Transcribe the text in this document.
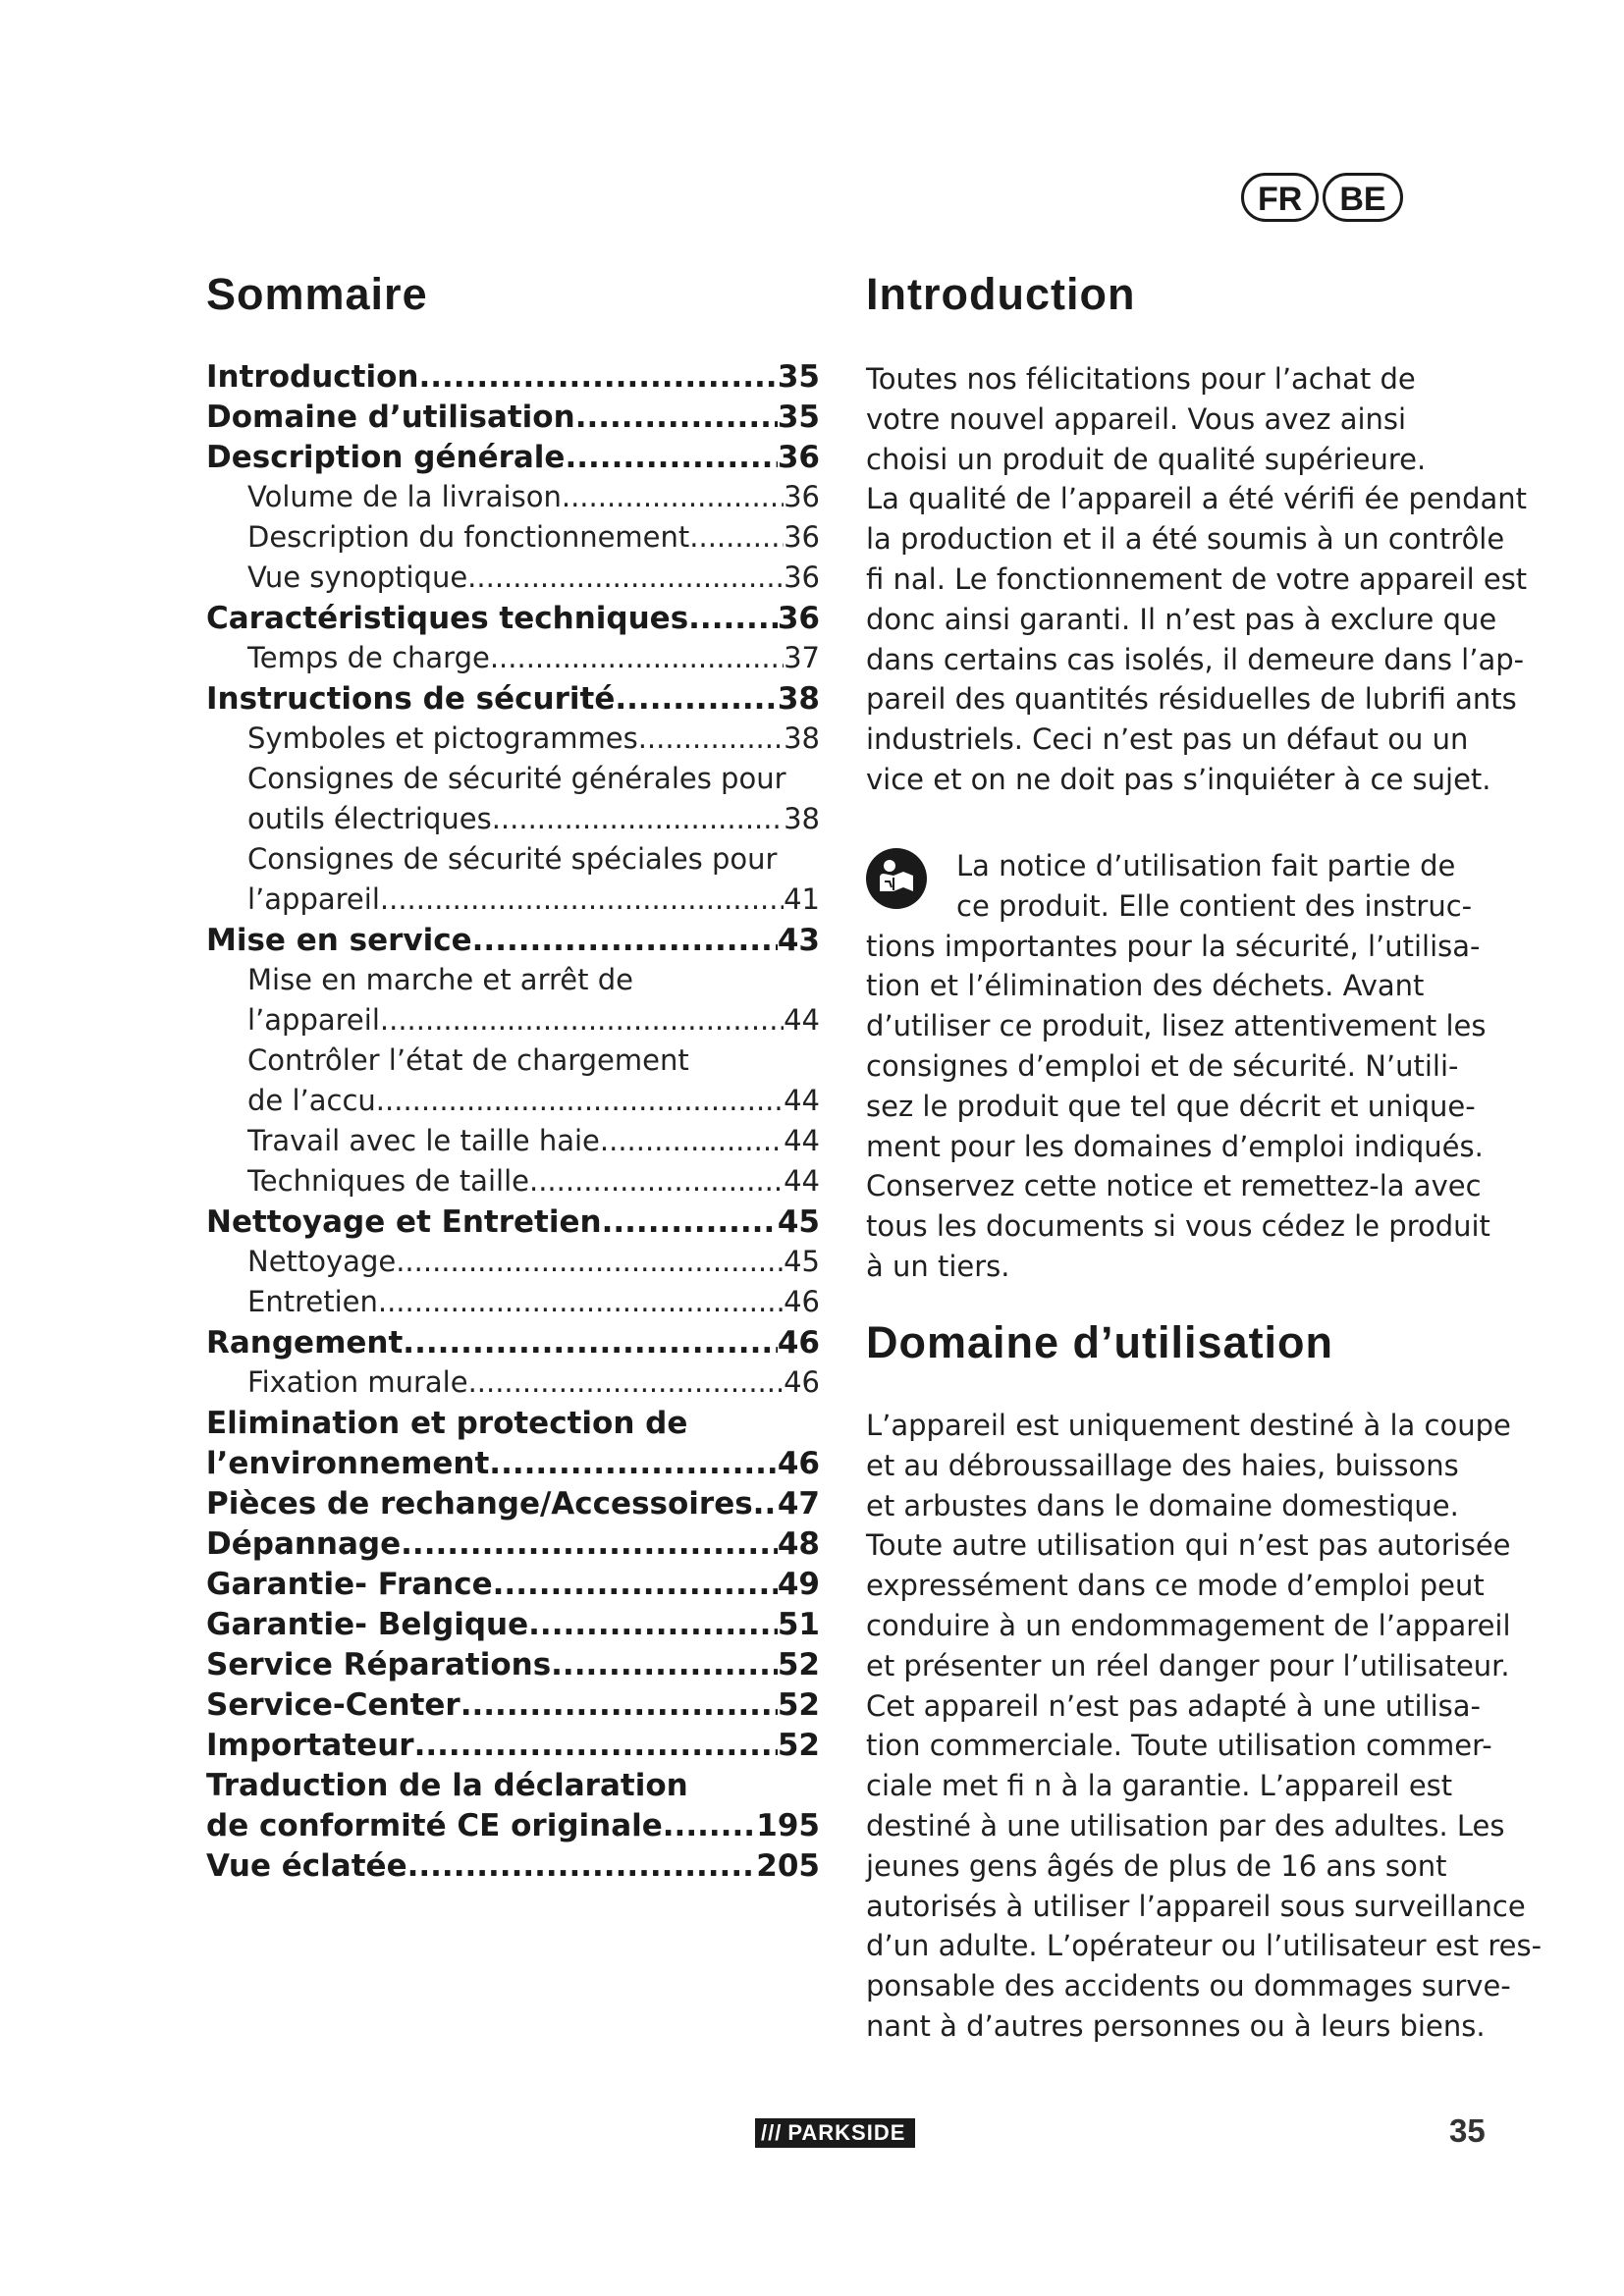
FR	BE
Sommaire
Introduction .....	35
Domaine d’utilisation .....	35
Description générale .....	36
Volume de la livraison .....	36
Description du fonctionnement .....	36
Vue synoptique .....	36
Caractéristiques techniques .....	36
Temps de charge .....	37
Instructions de sécurité .....	38
Symboles et pictogrammes .....	38
Consignes de sécurité générales pour
outils électriques .....	38
Consignes de sécurité spéciales pour
l’appareil .....	41
Mise en service .....	43
Mise en marche et arrêt de
l’appareil .....	44
Contrôler l’état de chargement
de l’accu .....	44
Travail avec le taille haie .....	44
Techniques de taille .....	44
Nettoyage et Entretien .....	45
Nettoyage .....	45
Entretien .....	46
Rangement .....	46
Fixation murale .....	46
Elimination et protection de
l’environnement .....	46
Pièces de rechange/Accessoires ..... 47
Dépannage .....	48
Garantie- France .....	49
Garantie- Belgique .....	51
Service Réparations .....	52
Service-Center .....	52
Importateur .....	52
Traduction de la déclaration
de conformité CE originale .....	195
Vue éclatée .....	205
Introduction
Toutes nos félicitations pour l’achat de
votre nouvel appareil. Vous avez ainsi
choisi un produit de qualité supérieure.
La qualité de l’appareil a été vérifi ée pendant
la production et il a été soumis à un contrôle
fi nal. Le fonctionnement de votre appareil est
donc ainsi garanti. Il n’est pas à exclure que
dans certains cas isolés, il demeure dans l’ap-
pareil des quantités résiduelles de lubrifi ants
industriels. Ceci n’est pas un défaut ou un
vice et on ne doit pas s’inquiéter à ce sujet.
La notice d’utilisation fait partie de
ce produit. Elle contient des instruc-
tions importantes pour la sécurité, l’utilisa-
tion et l’élimination des déchets. Avant
d’utiliser ce produit, lisez attentivement les
consignes d’emploi et de sécurité. N’utili-
sez le produit que tel que décrit et unique-
ment pour les domaines d’emploi indiqués.
Conservez cette notice et remettez-la avec
tous les documents si vous cédez le produit
à un tiers.
Domaine d’utilisation
L’appareil est uniquement destiné à la coupe
et au débroussaillage des haies, buissons
et arbustes dans le domaine domestique.
Toute autre utilisation qui n’est pas autorisée
expressément dans ce mode d’emploi peut
conduire à un endommagement de l’appareil
et présenter un réel danger pour l’utilisateur.
Cet appareil n’est pas adapté à une utilisa-
tion commerciale. Toute utilisation commer-
ciale met fi n à la garantie. L’appareil est
destiné à une utilisation par des adultes. Les
jeunes gens âgés de plus de 16 ans sont
autorisés à utiliser l’appareil sous surveillance
d’un adulte. L’opérateur ou l’utilisateur est res-
ponsable des accidents ou dommages surve-
nant à d’autres personnes ou à leurs biens.
/// PARKSIDE	35
